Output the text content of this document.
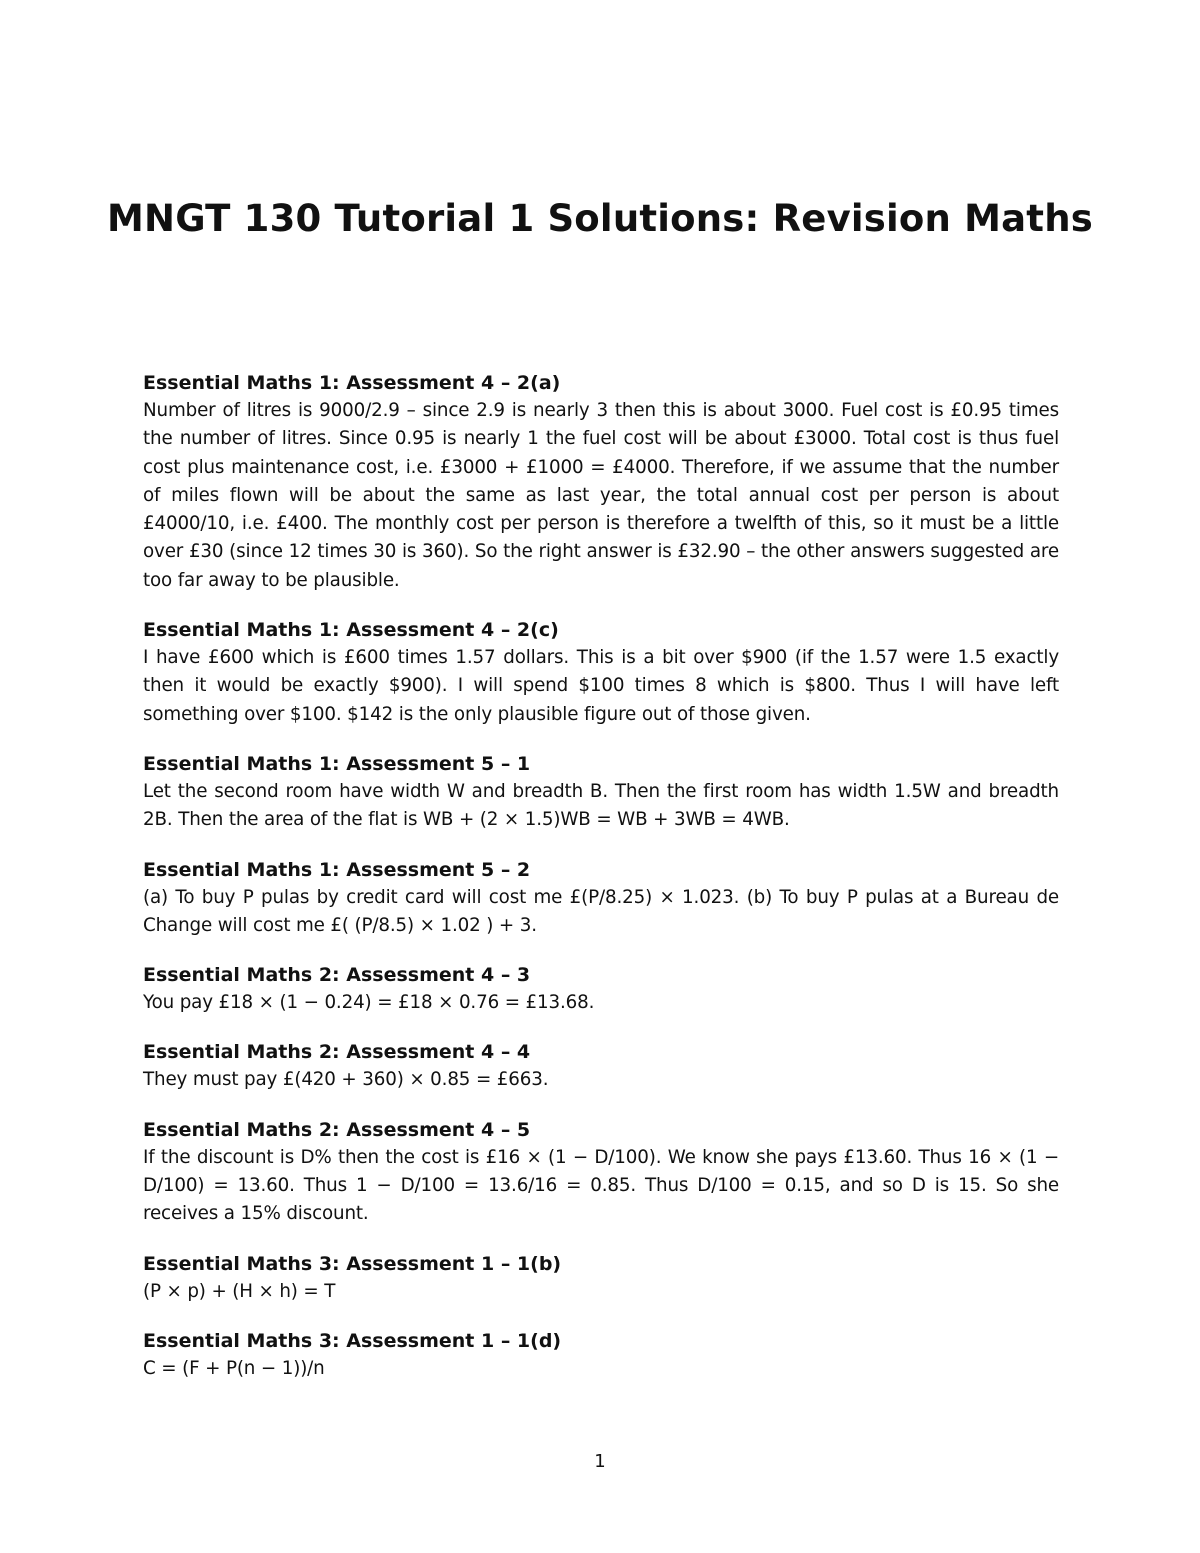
MNGT 130 Tutorial 1 Solutions: Revision Maths

Essential Maths 1: Assessment 4 – 2(a)

Number of litres is 9000/2.9 – since 2.9 is nearly 3 then this is about 3000. Fuel cost is £0.95 times the number of litres. Since 0.95 is nearly 1 the fuel cost will be about £3000. Total cost is thus fuel cost plus maintenance cost, i.e. £3000 + £1000 = £4000. Therefore, if we assume that the number of miles flown will be about the same as last year, the total annual cost per person is about £4000/10, i.e. £400. The monthly cost per person is therefore a twelfth of this, so it must be a little over £30 (since 12 times 30 is 360). So the right answer is £32.90 – the other answers suggested are too far away to be plausible.

Essential Maths 1: Assessment 4 – 2(c)

I have £600 which is £600 times 1.57 dollars. This is a bit over $900 (if the 1.57 were 1.5 exactly then it would be exactly $900). I will spend $100 times 8 which is $800. Thus I will have left something over $100. $142 is the only plausible figure out of those given.

Essential Maths 1: Assessment 5 – 1

Let the second room have width W and breadth B. Then the first room has width 1.5W and breadth 2B. Then the area of the flat is WB + (2 × 1.5)WB = WB + 3WB = 4WB.

Essential Maths 1: Assessment 5 – 2

(a) To buy P pulas by credit card will cost me £(P/8.25) × 1.023. (b) To buy P pulas at a Bureau de Change will cost me £( (P/8.5) × 1.02 ) + 3.

Essential Maths 2: Assessment 4 – 3

You pay £18 × (1 − 0.24) = £18 × 0.76 = £13.68.

Essential Maths 2: Assessment 4 – 4

They must pay £(420 + 360) × 0.85 = £663.

Essential Maths 2: Assessment 4 – 5

If the discount is D% then the cost is £16 × (1 − D/100). We know she pays £13.60. Thus 16 × (1 − D/100) = 13.60. Thus 1 − D/100 = 13.6/16 = 0.85. Thus D/100 = 0.15, and so D is 15. So she receives a 15% discount.

Essential Maths 3: Assessment 1 – 1(b)

(P × p) + (H × h) = T

Essential Maths 3: Assessment 1 – 1(d)

C = (F + P(n − 1))/n

1
